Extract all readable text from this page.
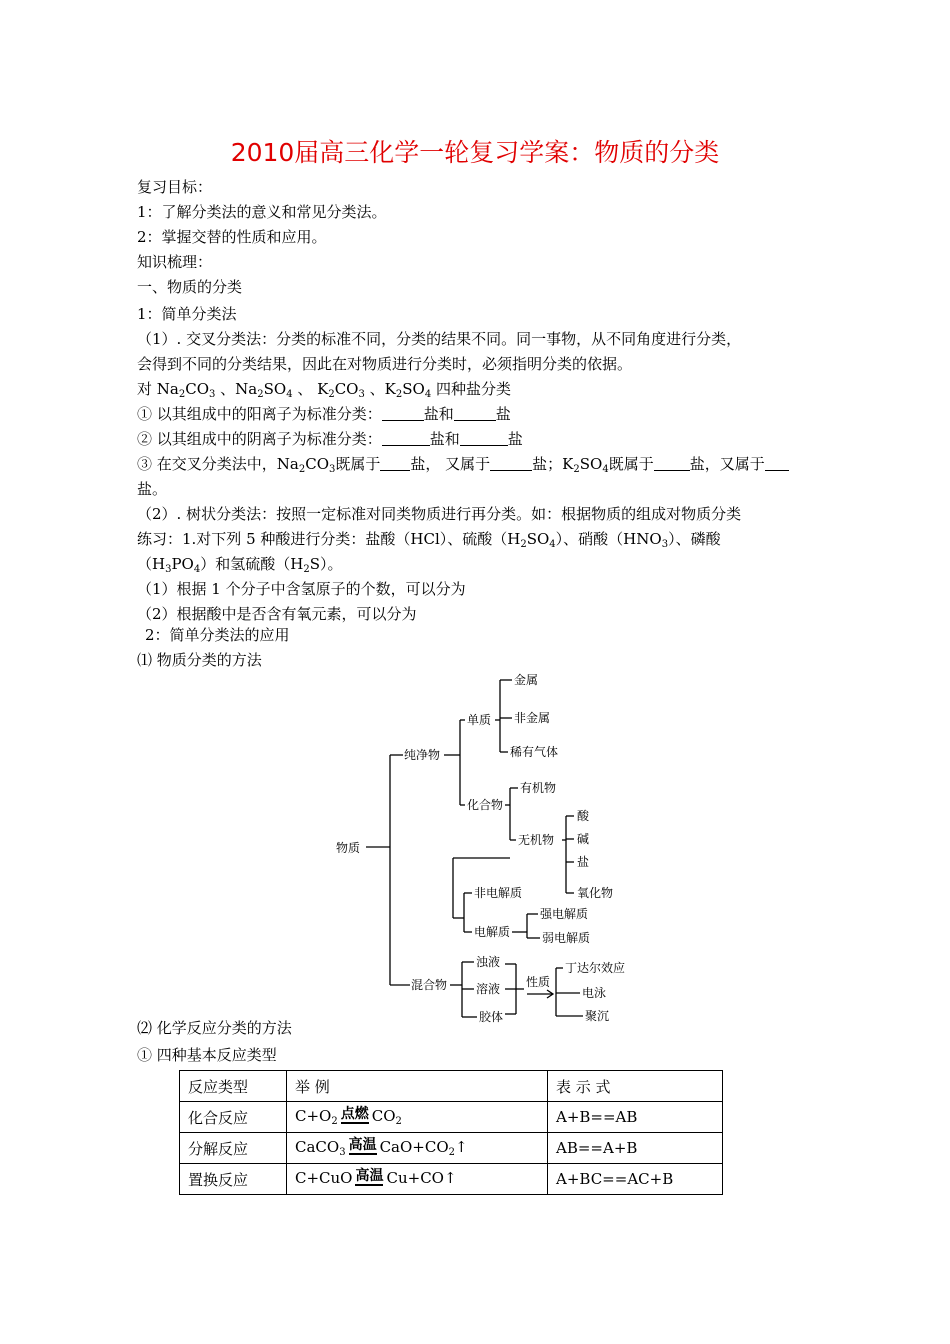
2010届高三化学一轮复习学案：物质的分类
复习目标：
1：了解分类法的意义和常见分类法。
2：掌握交替的性质和应用。
知识梳理：
一、物质的分类
1：简单分类法
（1）. 交叉分类法：分类的标准不同，分类的结果不同。同一事物，从不同角度进行分类，
会得到不同的分类结果，因此在对物质进行分类时，必须指明分类的依据。
对 $Na_2CO_3$ 、$Na_2SO_4$ 、 $K_2CO_3$ 、$K_2SO_4$ 四种盐分类
① 以其组成中的阳离子为标准分类：	盐和	盐
② 以其组成中的阴离子为标准分类：	盐和	盐
③ 在交叉分类法中，$Na_2CO_3$既属于 盐， 又属于	盐；$K_2SO_4$既属于 盐，又属于
盐。
（2）. 树状分类法：按照一定标准对同类物质进行再分类。如：根据物质的组成对物质分类
练习：1.对下列 5 种酸进行分类：盐酸（HCl）、硫酸$(H_2SO_4)$、硝酸$(HNO_3)$、磷酸
$(H_3PO_4)$和氢硫酸$(H_2S)$。
（1）根据 1 个分子中含氢原子的个数，可以分为
（2）根据酸中是否含有氧元素，可以分为
2：简单分类法的应用
⑴ 物质分类的方法
物质
纯净物
单质
金属
非金属
稀有气体
化合物
有机物
无机物
酸
碱
盐
氧化物
非电解质
电解质
强电解质
弱电解质
混合物
浊液
溶液
胶体
性质
丁达尔效应
电泳
聚沉
⑵ 化学反应分类的方法
① 四种基本反应类型
反应类型	举 例	表 示 式
化合反应	$C+O_2$ 点燃 $CO_2$	A+B==AB
分解反应	CaCO$_3$ 高温 $CaO+CO_2↑$	AB==A+B
置换反应	C+CuO 高温 Cu+CO↑	A+BC==AC+B
